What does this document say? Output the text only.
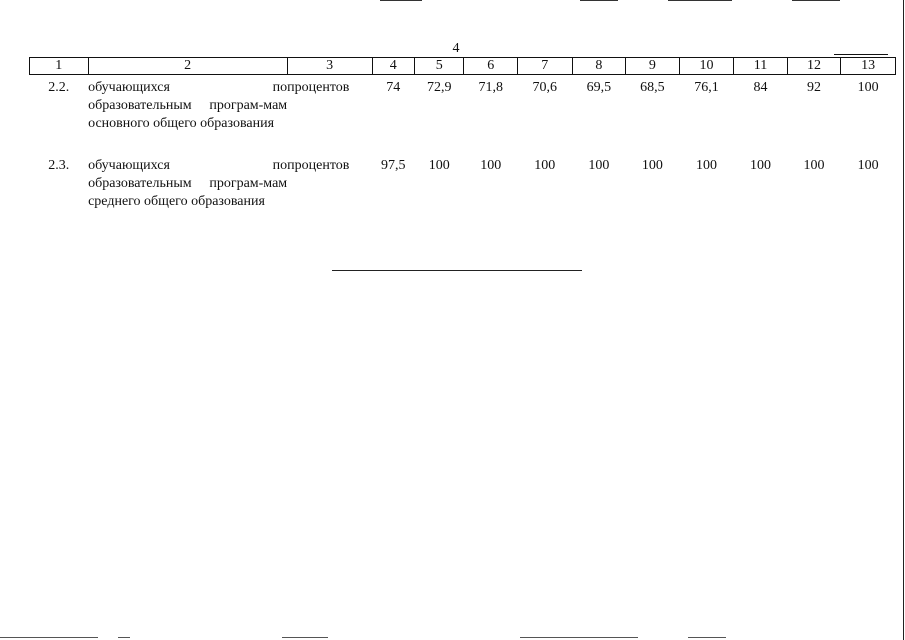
4
1	2	3	4	5	6	7	8	9	10	11	12	13
2.2.	обучающихся по образовательным програм-мам основного общего образования	процентов	74	72,9	71,8	70,6	69,5	68,5	76,1	84	92	100
2.3.	обучающихся по образовательным програм-мам среднего общего образования	процентов	97,5	100	100	100	100	100	100	100	100	100
